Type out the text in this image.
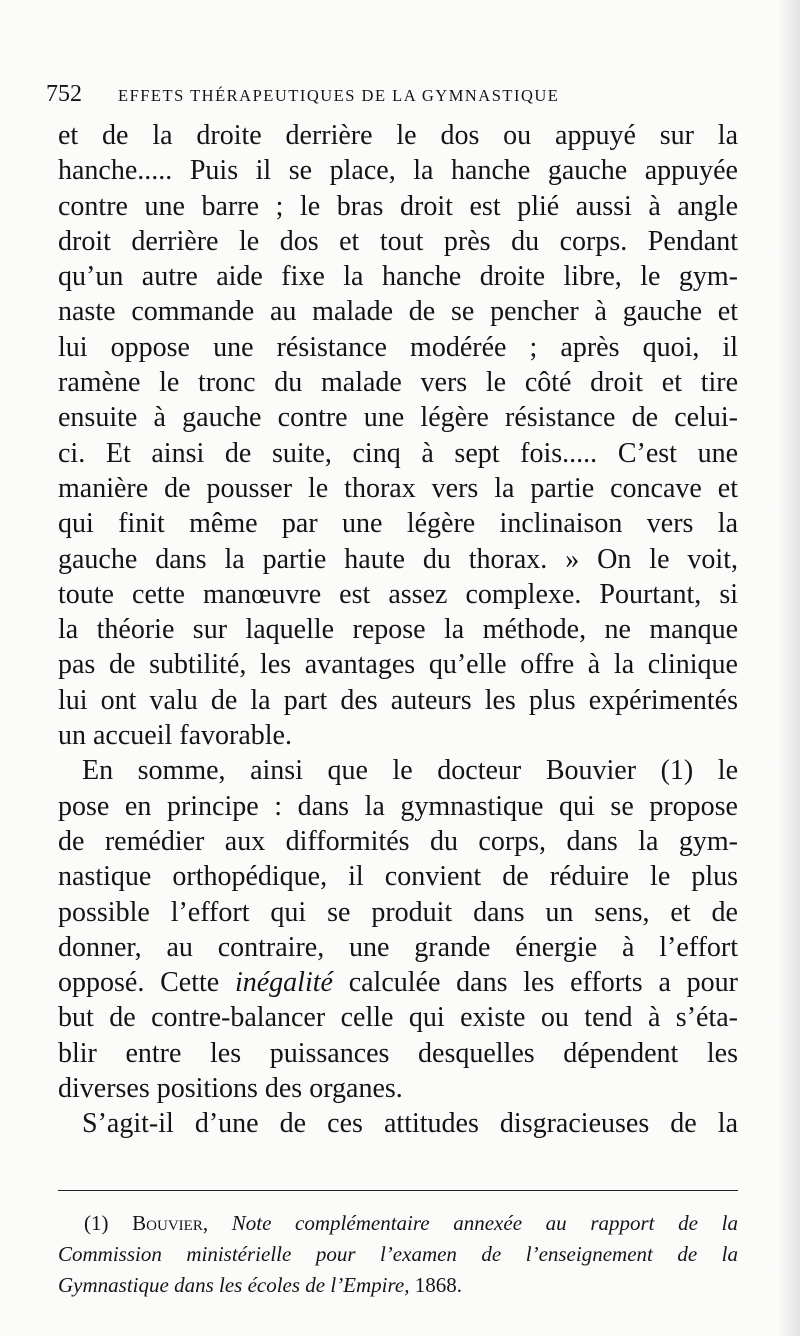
752 EFFETS THÉRAPEUTIQUES DE LA GYMNASTIQUE
et de la droite derrière le dos ou appuyé sur la
hanche..... Puis il se place, la hanche gauche appuyée
contre une barre ; le bras droit est plié aussi à angle
droit derrière le dos et tout près du corps. Pendant
qu’un autre aide fixe la hanche droite libre, le gym-
naste commande au malade de se pencher à gauche et
lui oppose une résistance modérée ; après quoi, il
ramène le tronc du malade vers le côté droit et tire
ensuite à gauche contre une légère résistance de celui-
ci. Et ainsi de suite, cinq à sept fois..... C’est une
manière de pousser le thorax vers la partie concave et
qui finit même par une légère inclinaison vers la
gauche dans la partie haute du thorax. » On le voit,
toute cette manœuvre est assez complexe. Pourtant, si
la théorie sur laquelle repose la méthode, ne manque
pas de subtilité, les avantages qu’elle offre à la clinique
lui ont valu de la part des auteurs les plus expérimentés
un accueil favorable.
En somme, ainsi que le docteur Bouvier (1) le
pose en principe : dans la gymnastique qui se propose
de remédier aux difformités du corps, dans la gym-
nastique orthopédique, il convient de réduire le plus
possible l’effort qui se produit dans un sens, et de
donner, au contraire, une grande énergie à l’effort
opposé. Cette inégalité calculée dans les efforts a pour
but de contre-balancer celle qui existe ou tend à s’éta-
blir entre les puissances desquelles dépendent les
diverses positions des organes.
S’agit-il d’une de ces attitudes disgracieuses de la
(1) Bouvier, Note complémentaire annexée au rapport de la
Commission ministérielle pour l’examen de l’enseignement de la
Gymnastique dans les écoles de l’Empire, 1868.
